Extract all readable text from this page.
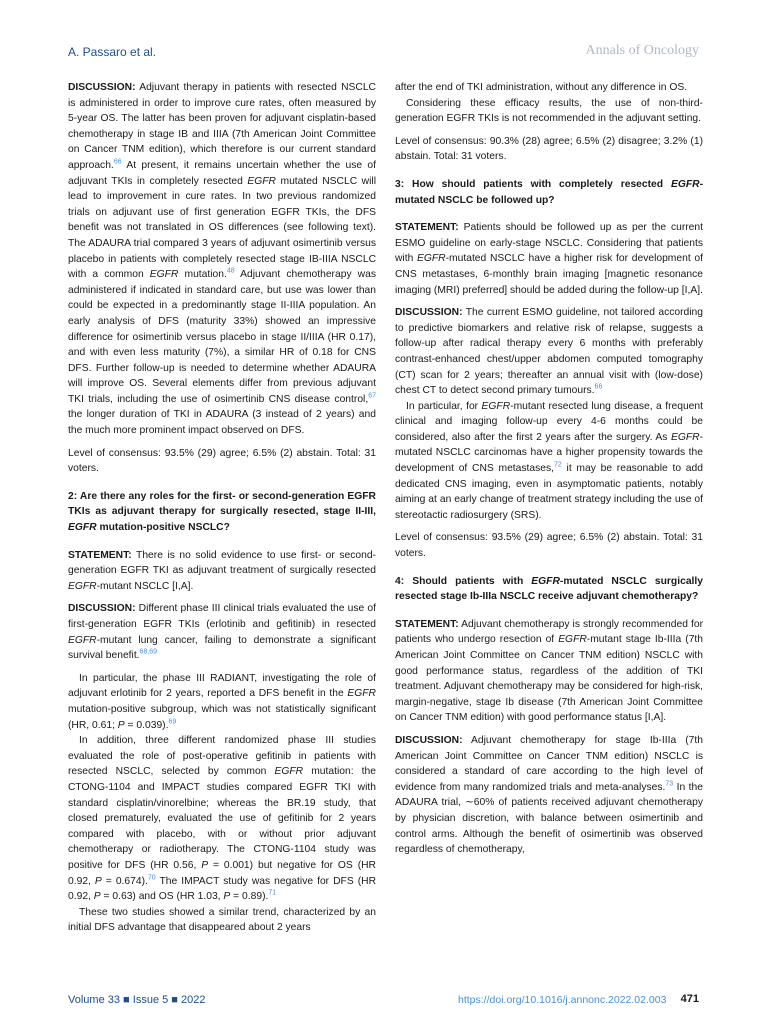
A. Passaro et al.	Annals of Oncology

DISCUSSION: Adjuvant therapy in patients with resected NSCLC is administered in order to improve cure rates, often measured by 5-year OS. The latter has been proven for adjuvant cisplatin-based chemotherapy in stage IB and IIIA (7th American Joint Committee on Cancer TNM edition), which therefore is our current standard approach.$^{66}$ At present, it remains uncertain whether the use of adjuvant TKIs in completely resected EGFR mutated NSCLC will lead to improvement in cure rates. In two previous randomized trials on adjuvant use of first generation EGFR TKIs, the DFS benefit was not translated in OS differences (see following text). The ADAURA trial compared 3 years of adjuvant osimertinib versus placebo in patients with completely resected stage IB-IIIA NSCLC with a common EGFR mutation.$^{48}$ Adjuvant chemotherapy was administered if indicated in standard care, but use was lower than could be expected in a predominantly stage II-IIIA population. An early analysis of DFS (maturity 33%) showed an impressive difference for osimertinib versus placebo in stage II/IIIA (HR 0.17), and with even less maturity (7%), a similar HR of 0.18 for CNS DFS. Further follow-up is needed to determine whether ADAURA will improve OS. Several elements differ from previous adjuvant TKI trials, including the use of osimertinib CNS disease control,$^{67}$ the longer duration of TKI in ADAURA (3 instead of 2 years) and the much more prominent impact observed on DFS.

Level of consensus: 93.5% (29) agree; 6.5% (2) abstain. Total: 31 voters.

2: Are there any roles for the first- or second-generation EGFR TKIs as adjuvant therapy for surgically resected, stage II-III, EGFR mutation-positive NSCLC?

STATEMENT: There is no solid evidence to use first- or second-generation EGFR TKI as adjuvant treatment of surgically resected EGFR-mutant NSCLC [I,A].

DISCUSSION: Different phase III clinical trials evaluated the use of first-generation EGFR TKIs (erlotinib and gefitinib) in resected EGFR-mutant lung cancer, failing to demonstrate a significant survival benefit.$^{68,69}$

In particular, the phase III RADIANT, investigating the role of adjuvant erlotinib for 2 years, reported a DFS benefit in the EGFR mutation-positive subgroup, which was not statistically significant (HR, 0.61; P = 0.039).$^{69}$

In addition, three different randomized phase III studies evaluated the role of post-operative gefitinib in patients with resected NSCLC, selected by common EGFR mutation: the CTONG-1104 and IMPACT studies compared EGFR TKI with standard cisplatin/vinorelbine; whereas the BR.19 study, that closed prematurely, evaluated the use of gefitinib for 2 years compared with placebo, with or without prior adjuvant chemotherapy or radiotherapy. The CTONG-1104 study was positive for DFS (HR 0.56, P = 0.001) but negative for OS (HR 0.92, P = 0.674).$^{70}$ The IMPACT study was negative for DFS (HR 0.92, P = 0.63) and OS (HR 1.03, P = 0.89).$^{71}$

These two studies showed a similar trend, characterized by an initial DFS advantage that disappeared about 2 years

after the end of TKI administration, without any difference in OS.

Considering these efficacy results, the use of non-third-generation EGFR TKIs is not recommended in the adjuvant setting.

Level of consensus: 90.3% (28) agree; 6.5% (2) disagree; 3.2% (1) abstain. Total: 31 voters.

3: How should patients with completely resected EGFR-mutated NSCLC be followed up?

STATEMENT: Patients should be followed up as per the current ESMO guideline on early-stage NSCLC. Considering that patients with EGFR-mutated NSCLC have a higher risk for development of CNS metastases, 6-monthly brain imaging [magnetic resonance imaging (MRI) preferred] should be added during the follow-up [I,A].

DISCUSSION: The current ESMO guideline, not tailored according to predictive biomarkers and relative risk of relapse, suggests a follow-up after radical therapy every 6 months with preferably contrast-enhanced chest/upper abdomen computed tomography (CT) scan for 2 years; thereafter an annual visit with (low-dose) chest CT to detect second primary tumours.$^{66}$

In particular, for EGFR-mutant resected lung disease, a frequent clinical and imaging follow-up every 4-6 months could be considered, also after the first 2 years after the surgery. As EGFR-mutated NSCLC carcinomas have a higher propensity towards the development of CNS metastases,$^{72}$ it may be reasonable to add dedicated CNS imaging, even in asymptomatic patients, notably aiming at an early change of treatment strategy including the use of stereotactic radiosurgery (SRS).

Level of consensus: 93.5% (29) agree; 6.5% (2) abstain. Total: 31 voters.

4: Should patients with EGFR-mutated NSCLC surgically resected stage Ib-IIIa NSCLC receive adjuvant chemotherapy?

STATEMENT: Adjuvant chemotherapy is strongly recommended for patients who undergo resection of EGFR-mutant stage Ib-IIIa (7th American Joint Committee on Cancer TNM edition) NSCLC with good performance status, regardless of the addition of TKI treatment. Adjuvant chemotherapy may be considered for high-risk, margin-negative, stage Ib disease (7th American Joint Committee on Cancer TNM edition) with good performance status [I,A].

DISCUSSION: Adjuvant chemotherapy for stage Ib-IIIa (7th American Joint Committee on Cancer TNM edition) NSCLC is considered a standard of care according to the high level of evidence from many randomized trials and meta-analyses.$^{73}$ In the ADAURA trial, ∼60% of patients received adjuvant chemotherapy by physician discretion, with balance between osimertinib and control arms. Although the benefit of osimertinib was observed regardless of chemotherapy,

Volume 33 ■ Issue 5 ■ 2022	https://doi.org/10.1016/j.annonc.2022.02.003 471
